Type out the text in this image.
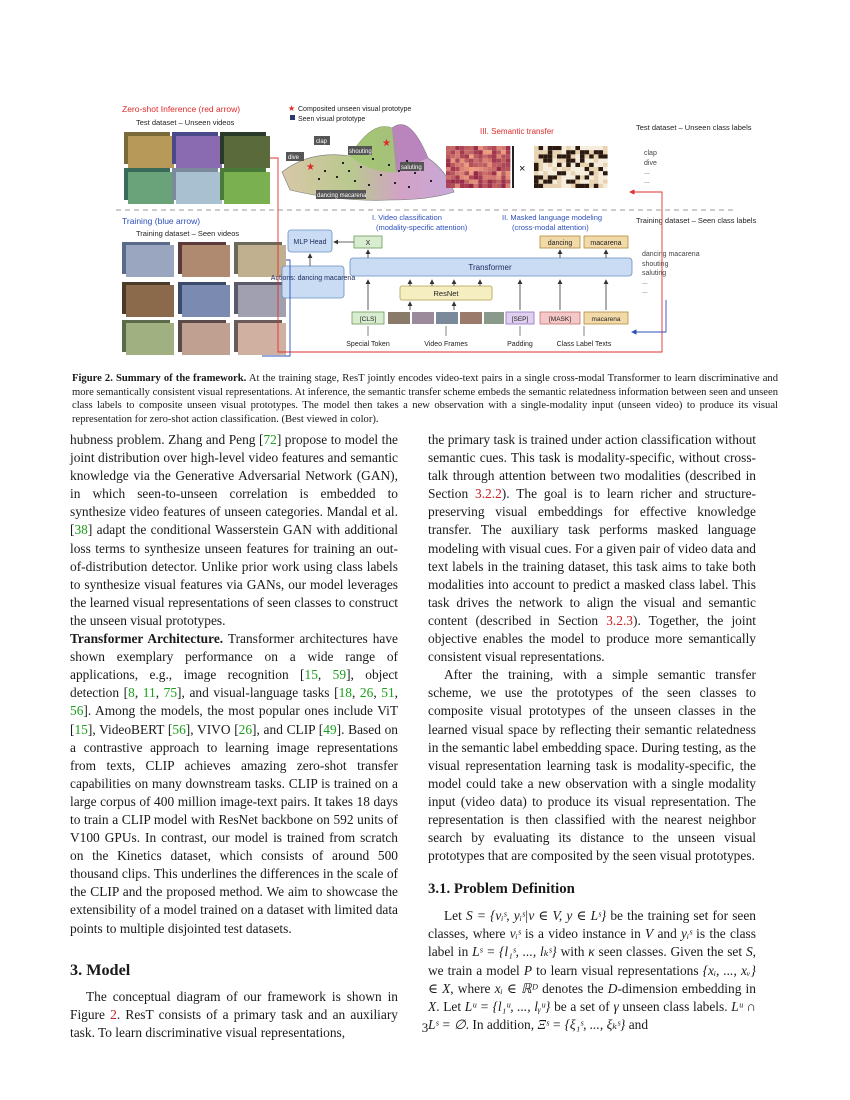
Zero-shot Inference (red arrow)
Test dataset – Unseen videos
★ Composited unseen visual prototype
Seen visual prototype
★
★
dive
clap
shouting
dancing macarena
saluting
III. Semantic transfer
×
Test dataset – Unseen class labels
clap
dive
...
...
Training (blue arrow)
Training dataset – Seen videos
I. Video classification
(modality-specific attention)
II. Masked language modeling
(cross-modal attention)
Training dataset – Seen class labels
dancing macarena
shouting
saluting
...
...
MLP Head	X	dancing	macarena
Transformer
Actions: dancing macarena
ResNet
[CLS]	[SEP]	[MASK]	macarena
Special Token	Video Frames	Padding	Class Label Texts

Figure 2. Summary of the framework. At the training stage, ResT jointly encodes video-text pairs in a single cross-modal Transformer to learn discriminative and more semantically consistent visual representations. At inference, the semantic transfer scheme embeds the semantic relatedness information between seen and unseen class labels to composite unseen visual prototypes. The model then takes a new observation with a single-modality input (unseen video) to produce its visual representation for zero-shot action classification. (Best viewed in color).

hubness problem. Zhang and Peng [72] propose to model the joint distribution over high-level video features and semantic knowledge via the Generative Adversarial Network (GAN), in which seen-to-unseen correlation is embedded to synthesize video features of unseen categories. Mandal et al. [38] adapt the conditional Wasserstein GAN with additional loss terms to synthesize unseen features for training an out-of-distribution detector. Unlike prior work using class labels to synthesize visual features via GANs, our model leverages the learned visual representations of seen classes to construct the unseen visual prototypes.

Transformer Architecture. Transformer architectures have shown exemplary performance on a wide range of applications, e.g., image recognition [15, 59], object detection [8, 11, 75], and visual-language tasks [18, 26, 51, 56]. Among the models, the most popular ones include ViT [15], VideoBERT [56], VIVO [26], and CLIP [49]. Based on a contrastive approach to learning image representations from texts, CLIP achieves amazing zero-shot transfer capabilities on many downstream tasks. CLIP is trained on a large corpus of 400 million image-text pairs. It takes 18 days to train a CLIP model with ResNet backbone on 592 units of V100 GPUs. In contrast, our model is trained from scratch on the Kinetics dataset, which consists of around 500 thousand clips. This underlines the differences in the scale of the CLIP and the proposed method. We aim to showcase the extensibility of a model trained on a dataset with limited data points to multiple disjointed test datasets.

3. Model

The conceptual diagram of our framework is shown in Figure 2. ResT consists of a primary task and an auxiliary task. To learn discriminative visual representations,

the primary task is trained under action classification without semantic cues. This task is modality-specific, without cross-talk through attention between two modalities (described in Section 3.2.2). The goal is to learn richer and structure-preserving visual embeddings for effective knowledge transfer. The auxiliary task performs masked language modeling with visual cues. For a given pair of video data and text labels in the training dataset, this task aims to take both modalities into account to predict a masked class label. This task drives the network to align the visual and semantic content (described in Section 3.2.3). Together, the joint objective enables the model to produce more semantically consistent visual representations.

After the training, with a simple semantic transfer scheme, we use the prototypes of the seen classes to composite visual prototypes of the unseen classes in the learned visual space by reflecting their semantic relatedness in the semantic label embedding space. During testing, as the visual representation learning task is modality-specific, the model could take a new observation with a single modality input (video data) to produce its visual representation. The representation is then classified with the nearest neighbor search by evaluating its distance to the unseen visual prototypes that are composited by the seen visual prototypes.

3.1. Problem Definition

Let S = {vᵢˢ, yᵢˢ|v ∈ V, y ∈ Lˢ} be the training set for seen classes, where vᵢˢ is a video instance in V and yᵢˢ is the class label in Lˢ = {l₁ˢ, ..., lₖˢ} with κ seen classes. Given the set S, we train a model P to learn visual representations {xᵢ, ..., xᵥ} ∈ X, where xᵢ ∈ ℝᴰ denotes the D-dimension embedding in X. Let Lᵘ = {l₁ᵘ, ..., lᵧᵘ} be a set of γ unseen class labels. Lᵘ ∩ Lˢ = ∅. In addition, Ξˢ = {ξ₁ˢ, ..., ξₖˢ} and

3
